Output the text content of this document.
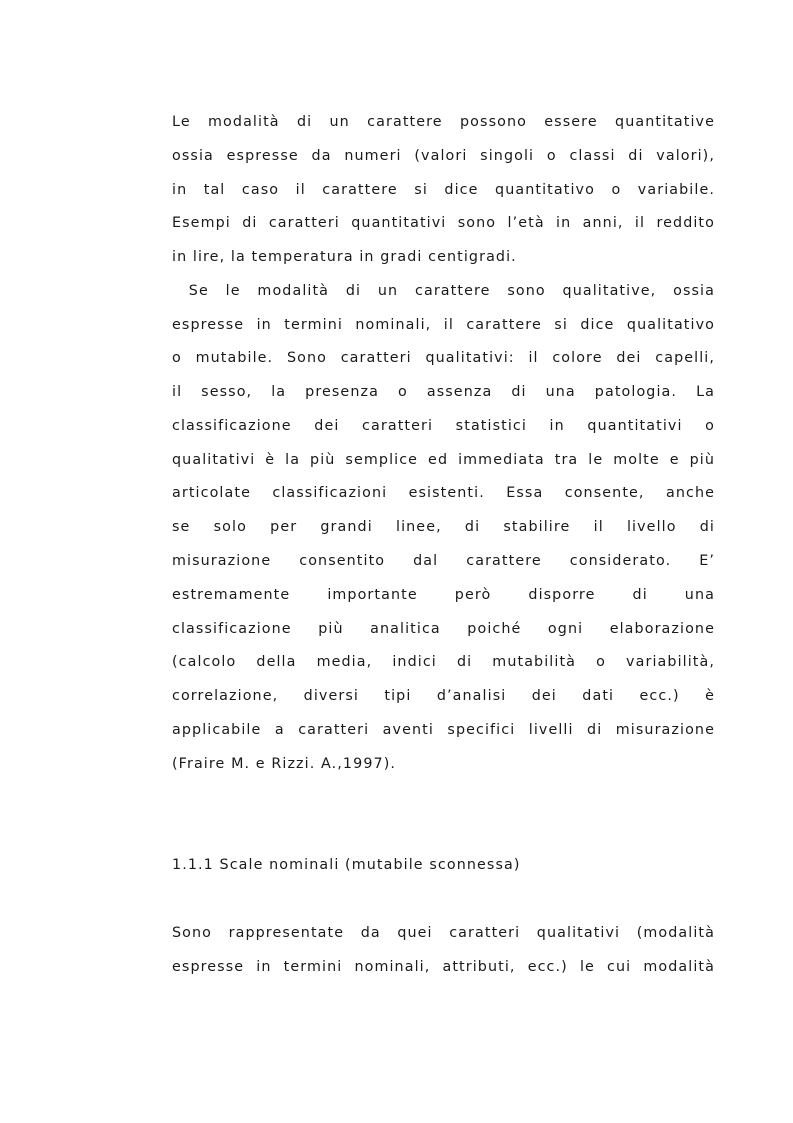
Le modalità di un carattere possono essere quantitative
ossia espresse da numeri (valori singoli o classi di valori),
in tal caso il carattere si dice quantitativo o variabile.
Esempi di caratteri quantitativi sono l’età in anni, il reddito
in lire, la temperatura in gradi centigradi.
Se le modalità di un carattere sono qualitative, ossia
espresse in termini nominali, il carattere si dice qualitativo
o mutabile. Sono caratteri qualitativi: il colore dei capelli,
il sesso, la presenza o assenza di una patologia. La
classificazione dei caratteri statistici in quantitativi o
qualitativi è la più semplice ed immediata tra le molte e più
articolate classificazioni esistenti. Essa consente, anche
se solo per grandi linee, di stabilire il livello di
misurazione consentito dal carattere considerato. E’
estremamente importante però disporre di una
classificazione più analitica poiché ogni elaborazione
(calcolo della media, indici di mutabilità o variabilità,
correlazione, diversi tipi d’analisi dei dati ecc.) è
applicabile a caratteri aventi specifici livelli di misurazione
(Fraire M. e Rizzi. A.,1997).
1.1.1 Scale nominali (mutabile sconnessa)
Sono rappresentate da quei caratteri qualitativi (modalità
espresse in termini nominali, attributi, ecc.) le cui modalità
